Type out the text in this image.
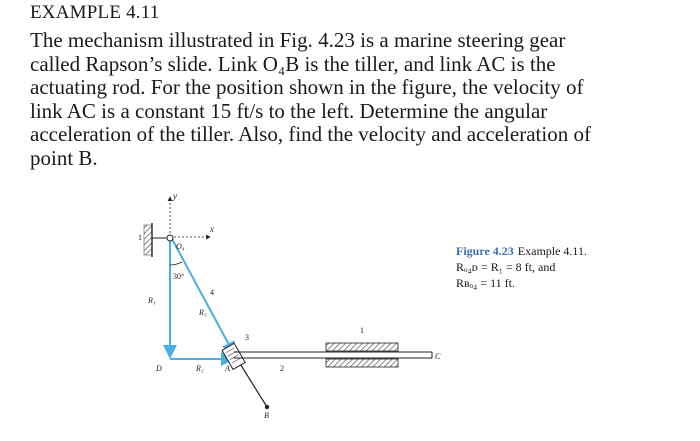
EXAMPLE 4.11
The mechanism illustrated in Fig. 4.23 is a marine steering gear
called Rapson’s slide. Link O₄B is the tiller, and link AC is the
actuating rod. For the position shown in the figure, the velocity of
link AC is a constant 15 ft/s to the left. Determine the angular
acceleration of the tiller. Also, find the velocity and acceleration of
point B.
y
x
O₄
30°
4
R₁
R₃
3
1
1
D	R₂	A	2
B
C
Figure 4.23 Example 4.11.
Rₒ₄ᴅ = R₁ = 8 ft, and
Rʙₒ₄ = 11 ft.
